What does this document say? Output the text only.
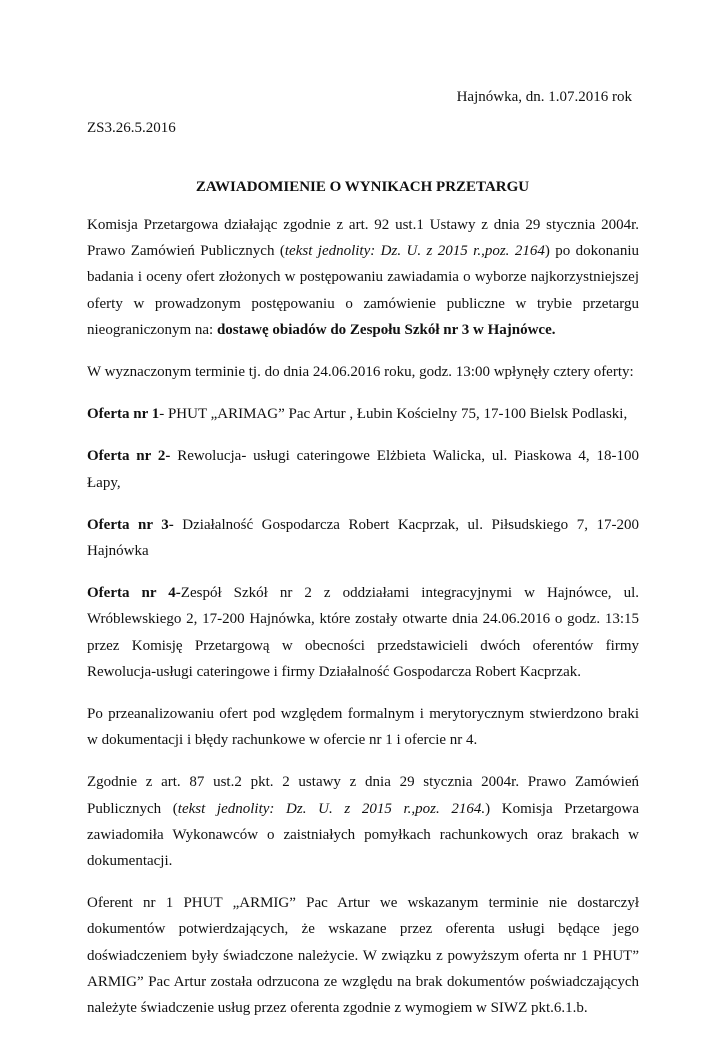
Hajnówka, dn. 1.07.2016 rok
ZS3.26.5.2016
ZAWIADOMIENIE O WYNIKACH PRZETARGU

Komisja Przetargowa działając zgodnie z art. 92 ust.1 Ustawy z dnia 29 stycznia 2004r. Prawo Zamówień Publicznych (tekst jednolity: Dz. U. z 2015 r.,poz. 2164) po dokonaniu badania i oceny ofert złożonych w postępowaniu zawiadamia o wyborze najkorzystniejszej oferty w prowadzonym postępowaniu o zamówienie publiczne w trybie przetargu nieograniczonym na: dostawę obiadów do Zespołu Szkół nr 3 w Hajnówce.

W wyznaczonym terminie tj. do dnia 24.06.2016 roku, godz. 13:00 wpłynęły cztery oferty:

Oferta nr 1- PHUT „ARIMAG” Pac Artur , Łubin Kościelny 75, 17-100 Bielsk Podlaski,

Oferta nr 2- Rewolucja- usługi cateringowe Elżbieta Walicka, ul. Piaskowa 4, 18-100 Łapy,

Oferta nr 3- Działalność Gospodarcza Robert Kacprzak, ul. Piłsudskiego 7, 17-200 Hajnówka

Oferta nr 4-Zespół Szkół nr 2 z oddziałami integracyjnymi w Hajnówce, ul. Wróblewskiego 2, 17-200 Hajnówka, które zostały otwarte dnia 24.06.2016 o godz. 13:15 przez Komisję Przetargową w obecności przedstawicieli dwóch oferentów firmy Rewolucja-usługi cateringowe i firmy Działalność Gospodarcza Robert Kacprzak.

Po przeanalizowaniu ofert pod względem formalnym i merytorycznym stwierdzono braki w dokumentacji i błędy rachunkowe w ofercie nr 1 i ofercie nr 4.

Zgodnie z art. 87 ust.2 pkt. 2 ustawy z dnia 29 stycznia 2004r. Prawo Zamówień Publicznych (tekst jednolity: Dz. U. z 2015 r.,poz. 2164.) Komisja Przetargowa zawiadomiła Wykonawców o zaistniałych pomyłkach rachunkowych oraz brakach w dokumentacji.

Oferent nr 1 PHUT „ARMIG” Pac Artur we wskazanym terminie nie dostarczył dokumentów potwierdzających, że wskazane przez oferenta usługi będące jego doświadczeniem były świadczone należycie. W związku z powyższym oferta nr 1 PHUT” ARMIG” Pac Artur została odrzucona ze względu na brak dokumentów poświadczających należyte świadczenie usług przez oferenta zgodnie z wymogiem w SIWZ pkt.6.1.b.
